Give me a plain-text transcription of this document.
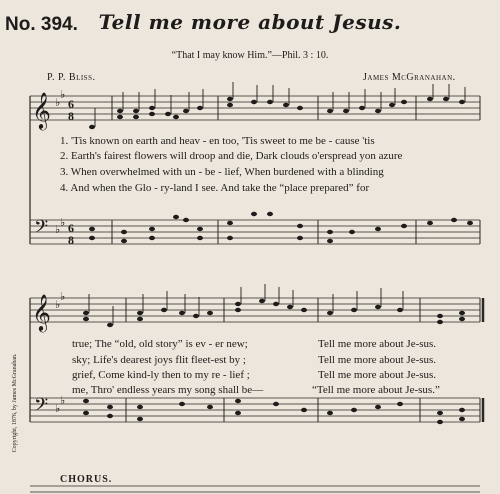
No. 394.	Tell me more about Jesus.
“That I may know Him.”—Phil. 3 : 10.
P. P. Bliss.	James McGranahan.
𝄞
𝄢
𝄞
𝄢
♭
♭
♭
♭
♭
♭
♭
♭
6
8
6
8
1. 'Tis known on earth and heav - en too, 'Tis sweet to me be - cause 'tis
2. Earth's fairest flowers will droop and die, Dark clouds o'erspread yon azure
3. When overwhelmed with un - be - lief, When burdened with a blinding
4. And when the Glo - ry-land I see. And take the “place prepared” for
true; The “old, old story” is ev - er new;
sky; Life's dearest joys flit fleet-est by ;
grief, Come kind-ly then to my re - lief ;
me, Thro' endless years my song shall be—
Tell me more about Je-sus.
Tell me more about Je-sus.
Tell me more about Je-sus.
“Tell me more about Je-sus.”
Copyright, 1876, by James McGranahan.
CHORUS.
